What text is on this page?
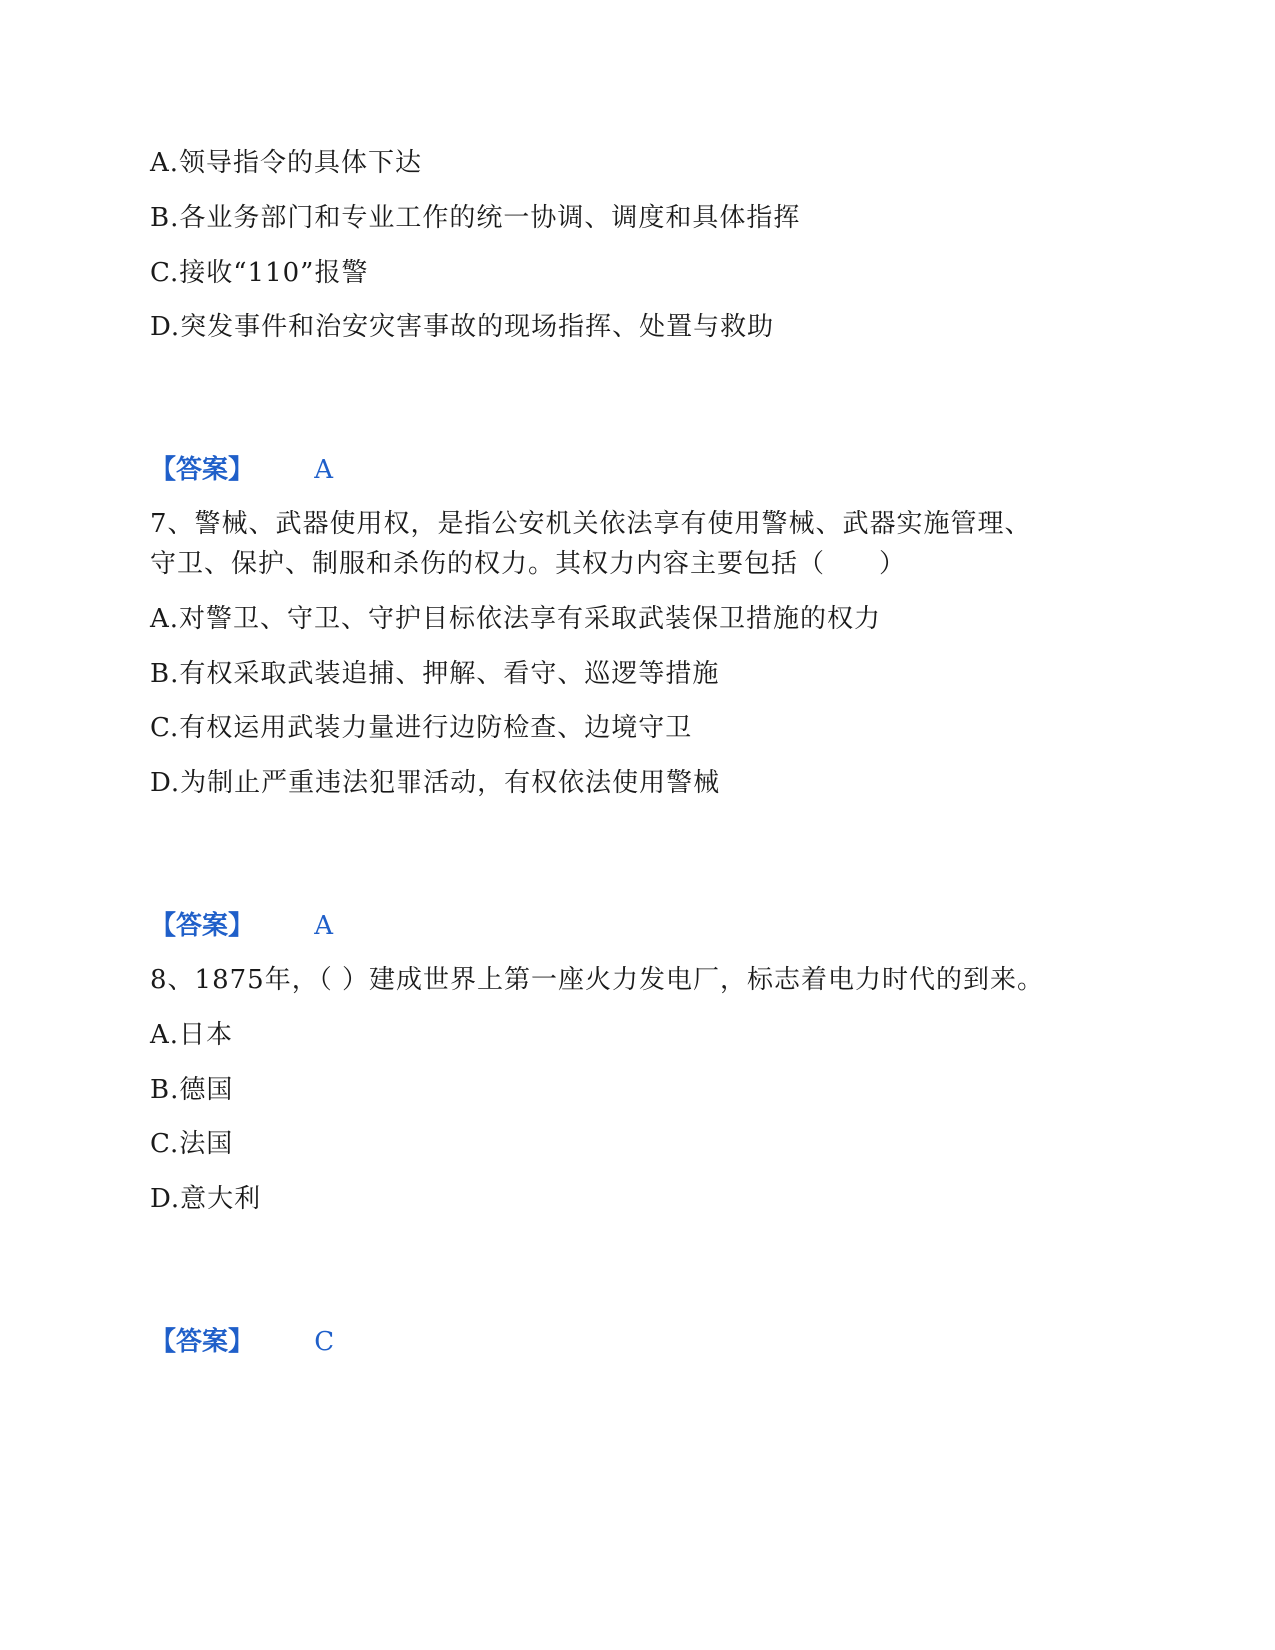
A.领导指令的具体下达
B.各业务部门和专业工作的统一协调、调度和具体指挥
C.接收“110”报警
D.突发事件和治安灾害事故的现场指挥、处置与救助
【答案】 A
7、警械、武器使用权，是指公安机关依法享有使用警械、武器实施管理、
守卫、保护、制服和杀伤的权力。其权力内容主要包括（　　）
A.对警卫、守卫、守护目标依法享有采取武装保卫措施的权力
B.有权采取武装追捕、押解、看守、巡逻等措施
C.有权运用武装力量进行边防检查、边境守卫
D.为制止严重违法犯罪活动，有权依法使用警械
【答案】 A
8、1875年，（ ）建成世界上第一座火力发电厂，标志着电力时代的到来。
A.日本
B.德国
C.法国
D.意大利
【答案】 C
